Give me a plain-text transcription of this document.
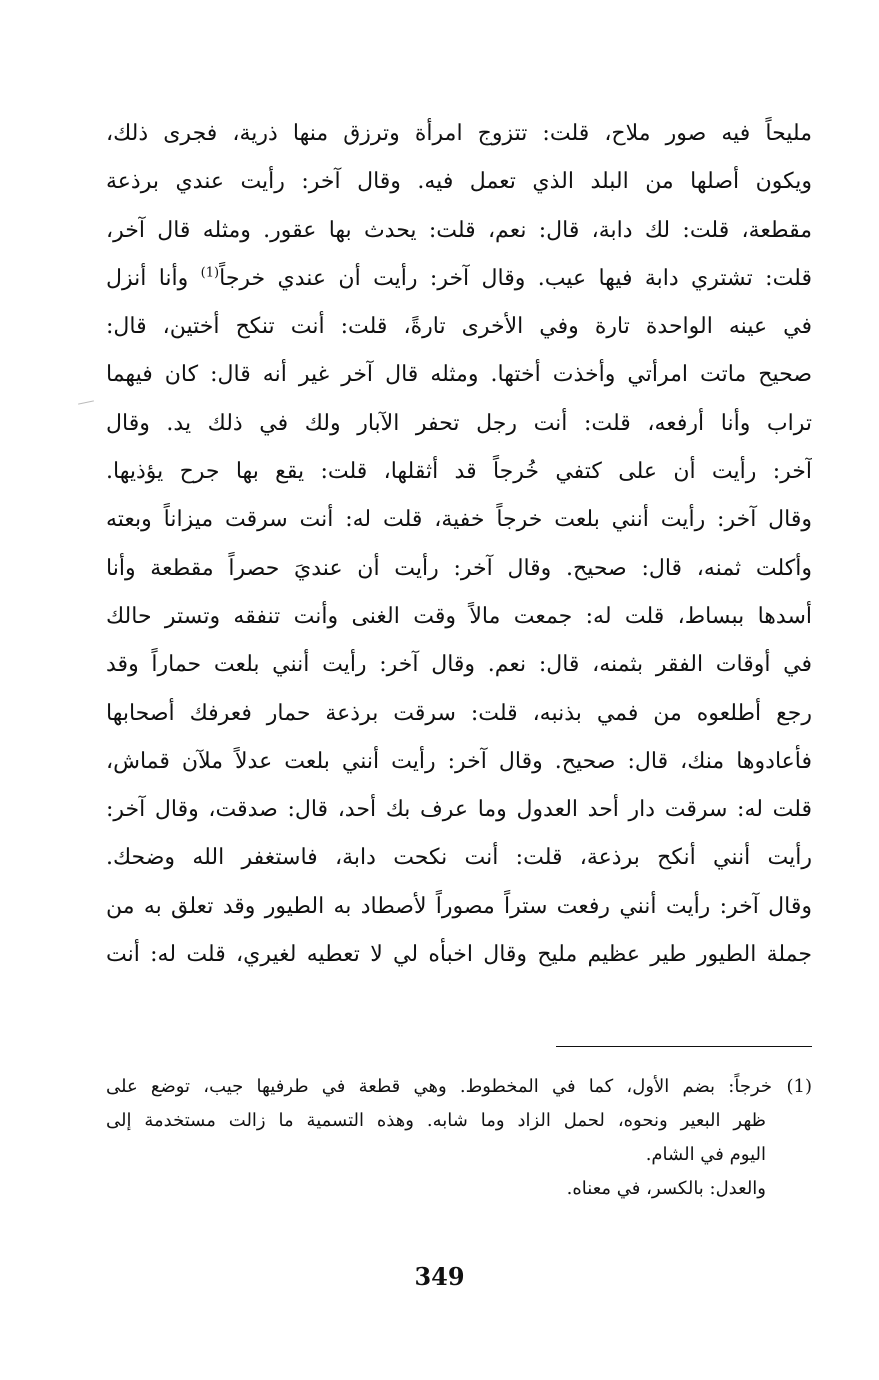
مليحاً فيه صور ملاح، قلت: تتزوج امرأة وترزق منها ذرية، فجرى ذلك،
ويكون أصلها من البلد الذي تعمل فيه. وقال آخر: رأيت عندي برذعة
مقطعة، قلت: لك دابة، قال: نعم، قلت: يحدث بها عقور. ومثله قال آخر،
قلت: تشتري دابة فيها عيب. وقال آخر: رأيت أن عندي خرجاً$^{(1)}$ وأنا أنزل
في عينه الواحدة تارة وفي الأخرى تارةً، قلت: أنت تنكح أختين، قال:
صحيح ماتت امرأتي وأخذت أختها. ومثله قال آخر غير أنه قال: كان فيهما
تراب وأنا أرفعه، قلت: أنت رجل تحفر الآبار ولك في ذلك يد. وقال
آخر: رأيت أن على كتفي خُرجاً قد أثقلها، قلت: يقع بها جرح يؤذيها.
وقال آخر: رأيت أنني بلعت خرجاً خفية، قلت له: أنت سرقت ميزاناً وبعته
وأكلت ثمنه، قال: صحيح. وقال آخر: رأيت أن عنديَ حصراً مقطعة وأنا
أسدها ببساط، قلت له: جمعت مالاً وقت الغنى وأنت تنفقه وتستر حالك
في أوقات الفقر بثمنه، قال: نعم. وقال آخر: رأيت أنني بلعت حماراً وقد
رجع أطلعوه من فمي بذنبه، قلت: سرقت برذعة حمار فعرفك أصحابها
فأعادوها منك، قال: صحيح. وقال آخر: رأيت أنني بلعت عدلاً ملآن قماش،
قلت له: سرقت دار أحد العدول وما عرف بك أحد، قال: صدقت، وقال آخر:
رأيت أنني أنكح برذعة، قلت: أنت نكحت دابة، فاستغفر الله وضحك.
وقال آخر: رأيت أنني رفعت ستراً مصوراً لأصطاد به الطيور وقد تعلق به من
جملة الطيور طير عظيم مليح وقال اخبأه لي لا تعطيه لغيري، قلت له: أنت
(1)خرجاً: بضم الأول، كما في المخطوط. وهي قطعة في طرفيها جيب، توضع على
ظهر البعير ونحوه، لحمل الزاد وما شابه. وهذه التسمية ما زالت مستخدمة إلى
اليوم في الشام.
والعدل: بالكسر، في معناه.
349
